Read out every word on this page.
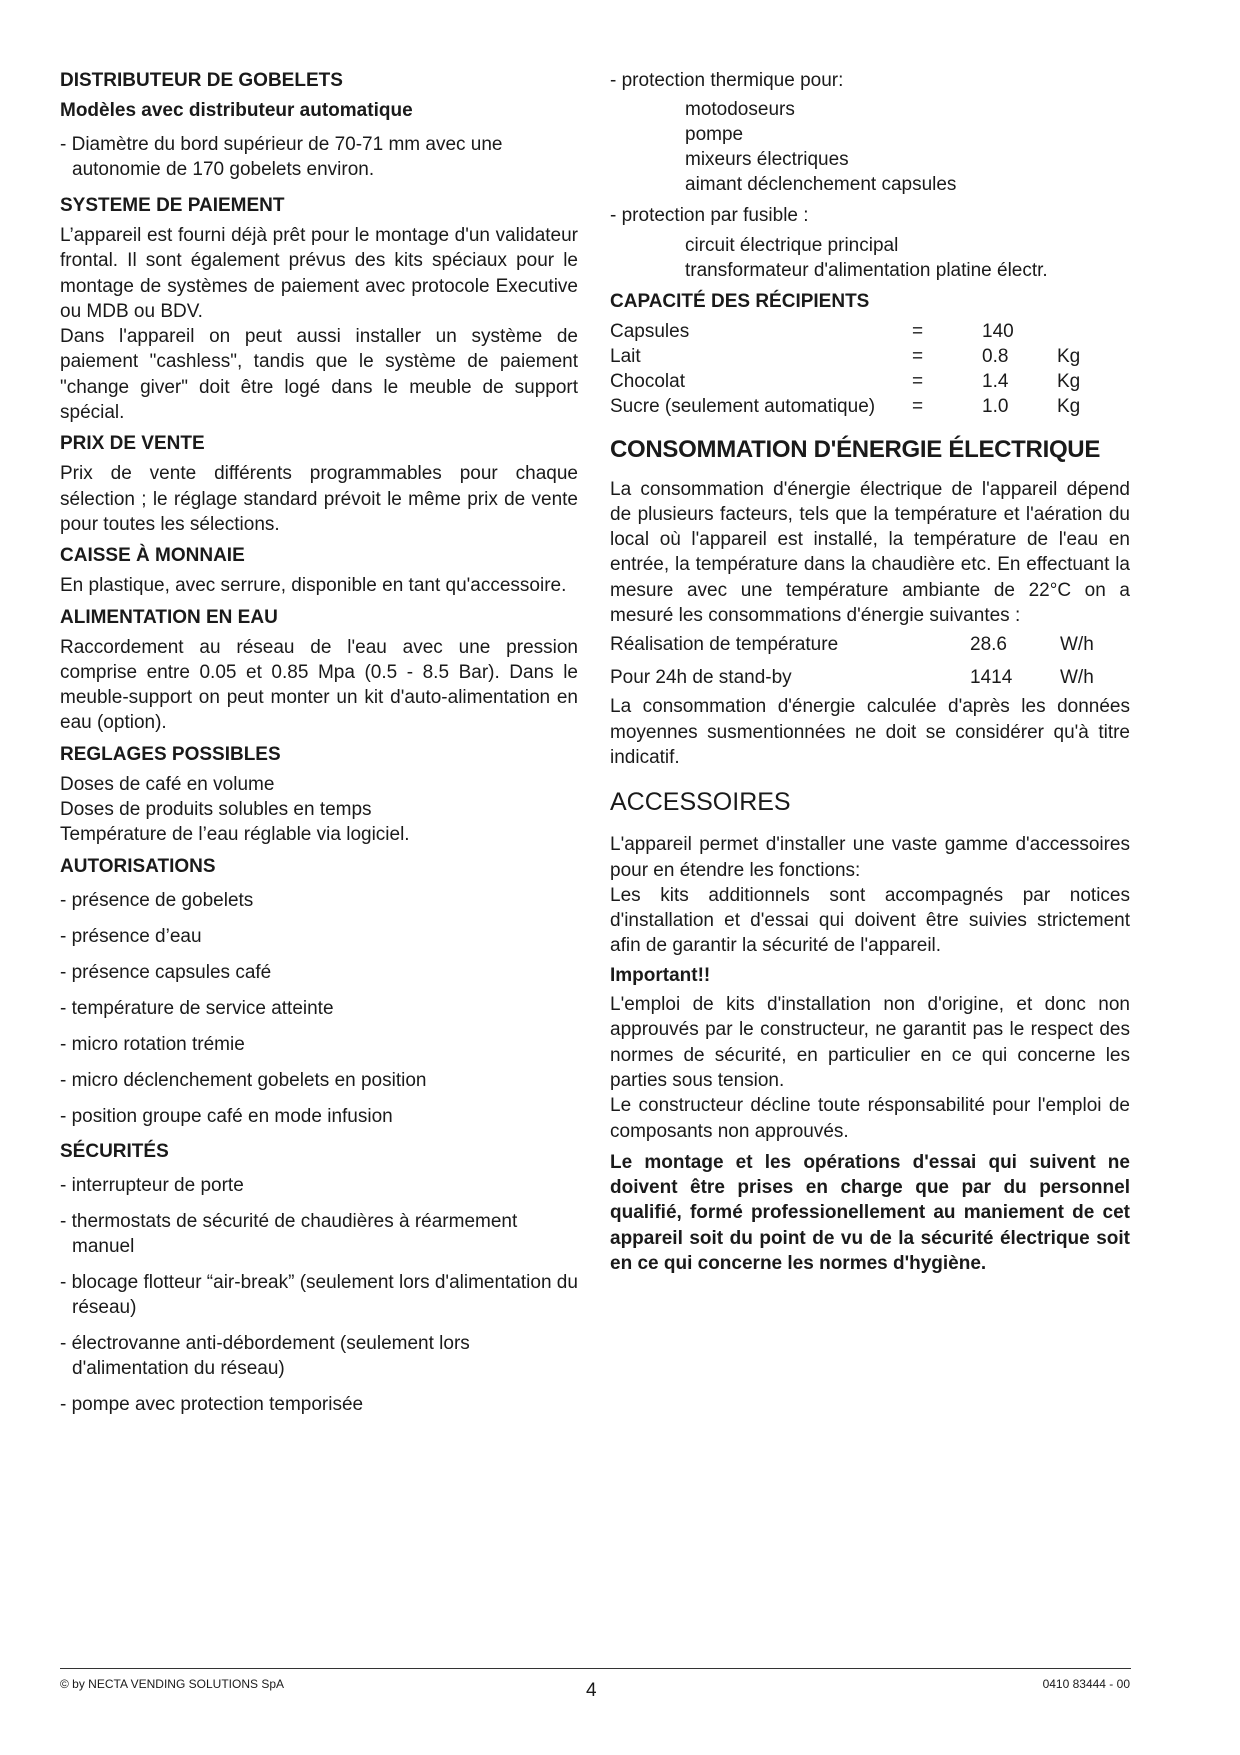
DISTRIBUTEUR DE GOBELETS
Modèles avec distributeur automatique
- Diamètre du bord supérieur de 70-71 mm avec une autonomie de 170 gobelets environ.
SYSTEME DE PAIEMENT

L’appareil est fourni déjà prêt pour le montage d'un validateur frontal. Il sont également prévus des kits spéciaux pour le montage de systèmes de paiement avec protocole Executive ou MDB ou BDV.

Dans l'appareil on peut aussi installer un système de paiement "cashless", tandis que le système de paiement "change giver" doit être logé dans le meuble de support spécial.

PRIX DE VENTE

Prix de vente différents programmables pour chaque sélection ; le réglage standard prévoit le même prix de vente pour toutes les sélections.

CAISSE À MONNAIE

En plastique, avec serrure, disponible en tant qu'accessoire.

ALIMENTATION EN EAU

Raccordement au réseau de l'eau avec une pression comprise entre 0.05 et 0.85 Mpa (0.5 - 8.5 Bar). Dans le meuble-support on peut monter un kit d'auto-alimentation en eau (option).

REGLAGES POSSIBLES

Doses de café en volume

Doses de produits solubles en temps

Température de l’eau réglable via logiciel.

AUTORISATIONS
- présence de gobelets
- présence d’eau
- présence capsules café
- température de service atteinte
- micro rotation trémie
- micro déclenchement gobelets en position
- position groupe café en mode infusion
SÉCURITÉS
- interrupteur de porte
- thermostats de sécurité de chaudières à réarmement manuel
- blocage flotteur “air-break” (seulement lors d'alimentation du réseau)
- électrovanne anti-débordement (seulement lors d'alimentation du réseau)
- pompe avec protection temporisée

- protection thermique pour:

motodoseurs
pompe
mixeurs électriques
aimant déclenchement capsules

- protection par fusible :

circuit électrique principal
transformateur d'alimentation platine électr.
CAPACITÉ DES RÉCIPIENTS
Capsules	=	140	
Lait	=	0.8	Kg
Chocolat	=	1.4	Kg
Sucre (seulement automatique)	=	1.0	Kg
CONSOMMATION D'ÉNERGIE ÉLECTRIQUE

La consommation d'énergie électrique de l'appareil dépend de plusieurs facteurs, tels que la température et l'aération du local où l'appareil est installé, la température de l'eau en entrée, la température dans la chaudière etc. En effectuant la mesure avec une température ambiante de 22°C on a mesuré les consommations d'énergie suivantes :

Réalisation de température	28.6	W/h
Pour 24h de stand-by	1414	W/h

La consommation d'énergie calculée d'après les données moyennes susmentionnées ne doit se considérer qu'à titre indicatif.

ACCESSOIRES

L'appareil permet d'installer une vaste gamme d'accessoires pour en étendre les fonctions:

Les kits additionnels sont accompagnés par notices d'installation et d'essai qui doivent être suivies strictement afin de garantir la sécurité de l'appareil.

Important!!

L'emploi de kits d'installation non d'origine, et donc non approuvés par le constructeur, ne garantit pas le respect des normes de sécurité, en particulier en ce qui concerne les parties sous tension.

Le constructeur décline toute résponsabilité pour l'emploi de composants non approuvés.

Le montage et les opérations d'essai qui suivent ne doivent être prises en charge que par du personnel qualifié, formé professionellement au maniement de cet appareil soit du point de vu de la sécurité électrique soit en ce qui concerne les normes d'hygiène.

© by NECTA VENDING SOLUTIONS SpA	4	0410 83444 - 00
